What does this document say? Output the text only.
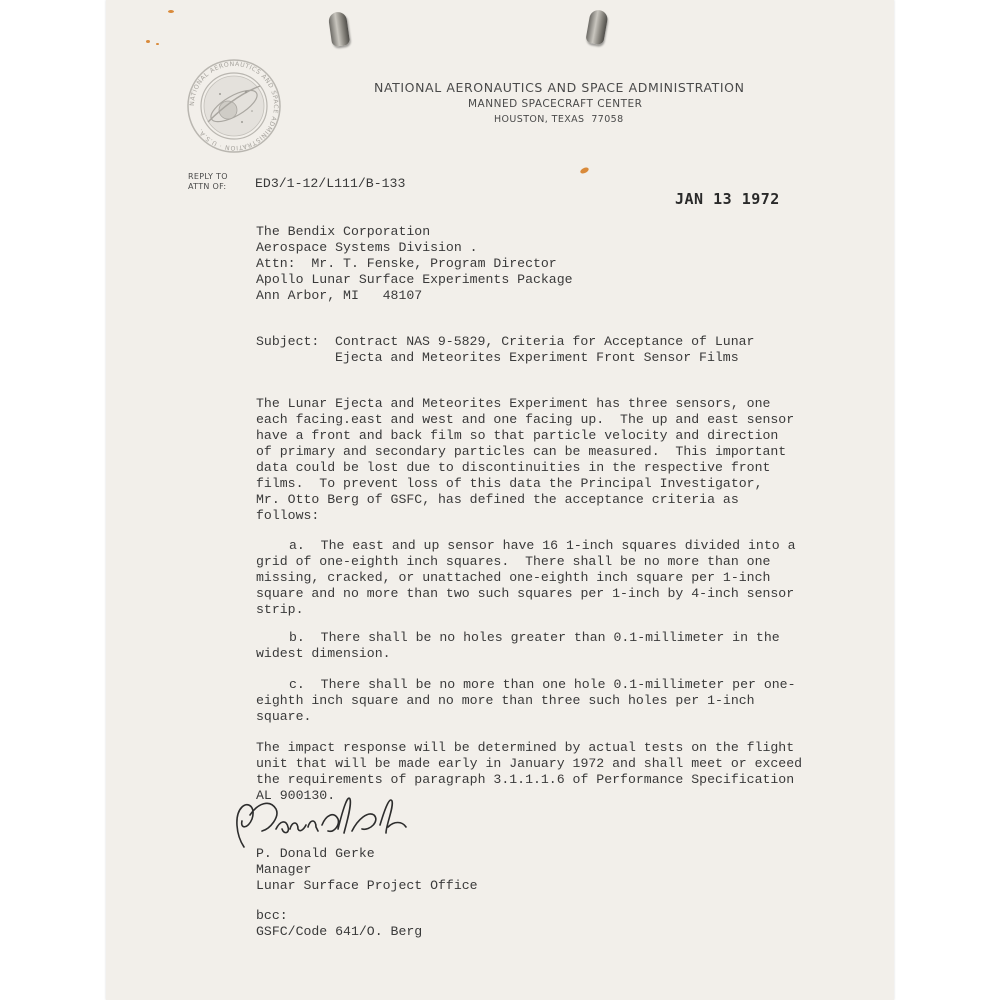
NATIONAL AERONAUTICS AND SPACE ADMINISTRATION · U.S.A.
NATIONAL AERONAUTICS AND SPACE ADMINISTRATION
MANNED SPACECRAFT CENTER
HOUSTON, TEXAS  77058
REPLY TO
ATTN OF: ED3/1-12/L111/B-133
JAN 13 1972
The Bendix Corporation
Aerospace Systems Division .
Attn:  Mr. T. Fenske, Program Director
Apollo Lunar Surface Experiments Package
Ann Arbor, MI   48107
Subject: Contract NAS 9-5829, Criteria for Acceptance of Lunar
Ejecta and Meteorites Experiment Front Sensor Films
The Lunar Ejecta and Meteorites Experiment has three sensors, one
each facing.east and west and one facing up.  The up and east sensor
have a front and back film so that particle velocity and direction
of primary and secondary particles can be measured.  This important
data could be lost due to discontinuities in the respective front
films.  To prevent loss of this data the Principal Investigator,
Mr. Otto Berg of GSFC, has defined the acceptance criteria as
follows:
a.  The east and up sensor have 16 1-inch squares divided into a
grid of one-eighth inch squares.  There shall be no more than one
missing, cracked, or unattached one-eighth inch square per 1-inch
square and no more than two such squares per 1-inch by 4-inch sensor
strip.
b.  There shall be no holes greater than 0.1-millimeter in the
widest dimension.
c.  There shall be no more than one hole 0.1-millimeter per one-
eighth inch square and no more than three such holes per 1-inch
square.
The impact response will be determined by actual tests on the flight
unit that will be made early in January 1972 and shall meet or exceed
the requirements of paragraph 3.1.1.1.6 of Performance Specification
AL 900130.
P. Donald Gerke
Manager
Lunar Surface Project Office
bcc:
GSFC/Code 641/O. Berg
